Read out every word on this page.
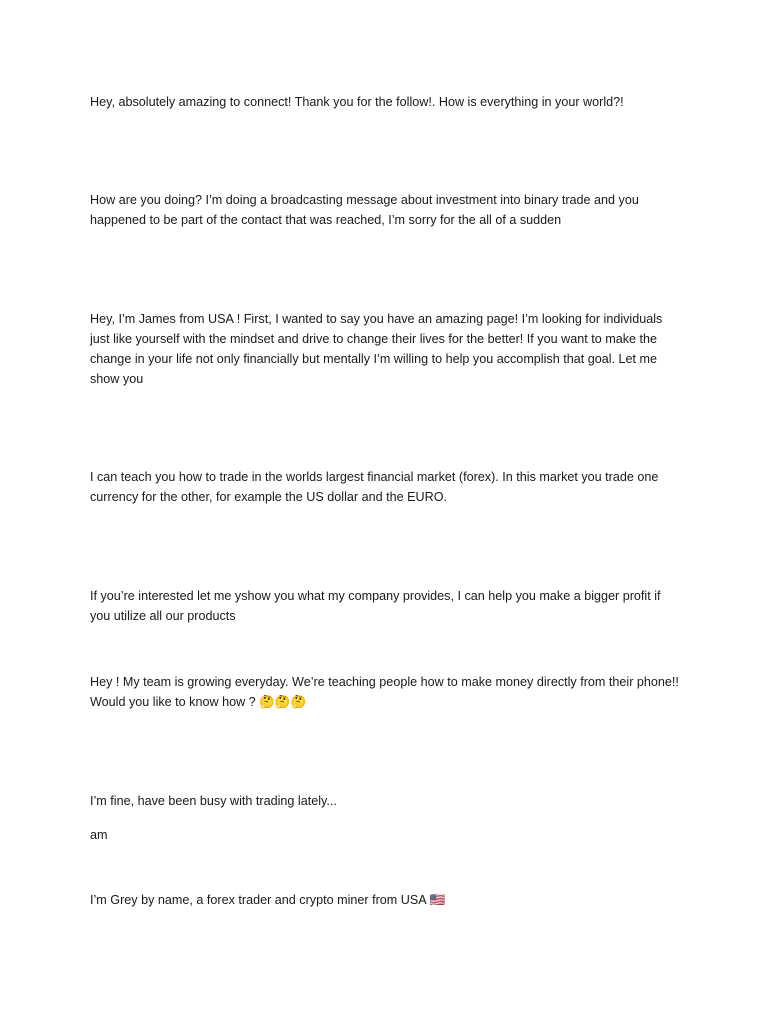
Hey, absolutely amazing to connect! Thank you for the follow!. How is everything in your world?!

How are you doing? I’m doing a broadcasting message about investment into binary trade and you happened to be part of the contact that was reached, I’m sorry for the all of a sudden

Hey, I’m James from USA ! First, I wanted to say you have an amazing page! I’m looking for individuals just like yourself with the mindset and drive to change their lives for the better! If you want to make the change in your life not only financially but mentally I’m willing to help you accomplish that goal. Let me show you

I can teach you how to trade in the worlds largest financial market (forex). In this market you trade one currency for the other, for example the US dollar and the EURO.

If you’re interested let me yshow you what my company provides, I can help you make a bigger profit if you utilize all our products

Hey ! My team is growing everyday. We’re teaching people how to make money directly from their phone!! Would you like to know how ? 🤔🤔🤔

I’m fine, have been busy with trading lately...

am

I’m Grey by name, a forex trader and crypto miner from USA 🇺🇸
